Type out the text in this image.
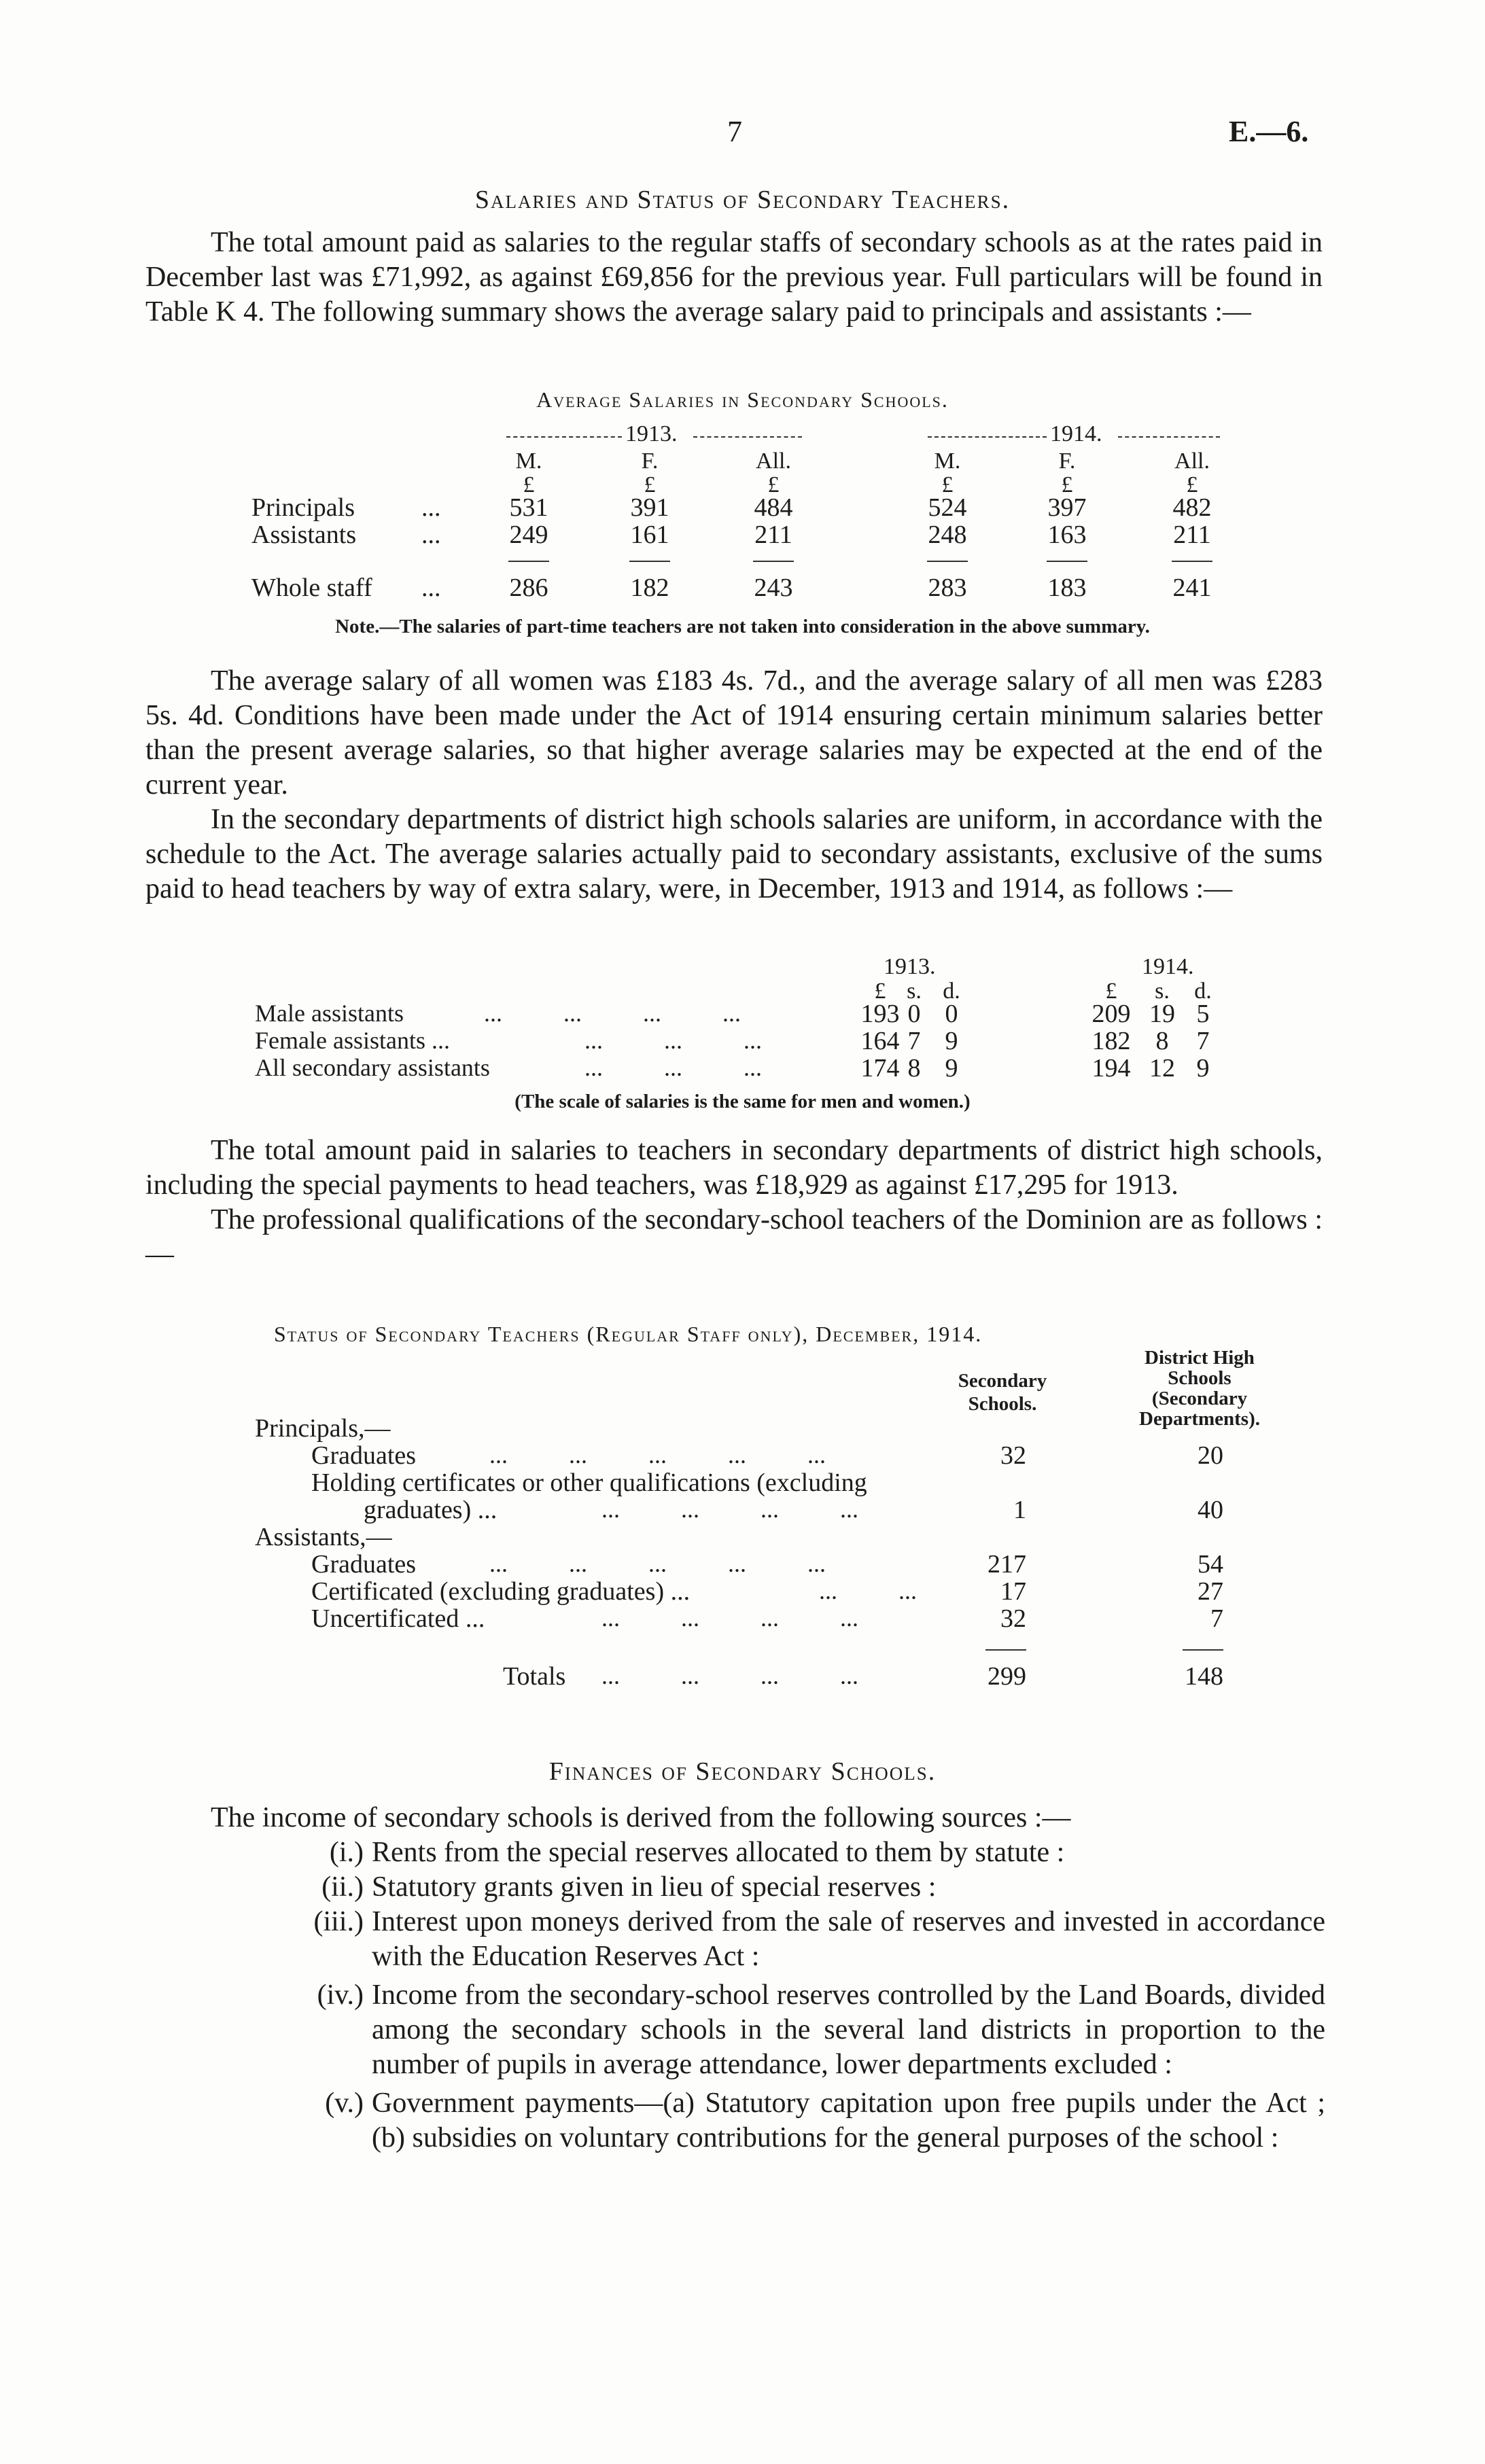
7	E.—6.
Salaries and Status of Secondary Teachers.

The total amount paid as salaries to the regular staffs of secondary schools as at the rates paid in December last was £71,992, as against £69,856 for the previous year. Full particulars will be found in Table K 4. The following summary shows the average salary paid to principals and assistants :—

Average Salaries in Secondary Schools.
1913.	1914.
M.	F.	All.	M.	F.	All.
£	£	£	£	£	£
Principals	...	531	391	484	524	397	482
Assistants	...	249	161	211	248	163	211
Whole staff ...	286	182	243	283	183	241
Note.—The salaries of part-time teachers are not taken into consideration in the above summary.

The average salary of all women was £183 4s. 7d., and the average salary of all men was £283 5s. 4d. Conditions have been made under the Act of 1914 ensuring certain minimum salaries better than the present average salaries, so that higher average salaries may be expected at the end of the current year.

In the secondary departments of district high schools salaries are uniform, in accordance with the schedule to the Act. The average salaries actually paid to secondary assistants, exclusive of the sums paid to head teachers by way of extra salary, were, in December, 1913 and 1914, as follows :—

1913.	1914.
£ s. d.	£	s.	d.
Male assistants	...          ...          ...          ...	193 0 0	209 19 5
Female assistants ...	...          ...          ...	164 7 9	182 8	7
All secondary assistants	...          ...          ...	174 8 9	194 12 9
(The scale of salaries is the same for men and women.)

The total amount paid in salaries to teachers in secondary departments of district high schools, including the special payments to head teachers, was £18,929 as against £17,295 for 1913.

The professional qualifications of the secondary-school teachers of the Dominion are as follows :—

Status of Secondary Teachers (Regular Staff only), December, 1914.
Secondary Schools.
District High Schools (Secondary Departments).
Principals,—
Graduates	...          ...          ...          ...          ...	32	20
Holding certificates or other qualifications (excluding
graduates) ...	...          ...          ...          ...	1	40
Assistants,—
Graduates	...          ...          ...          ...          ...	217	54
Certificated (excluding graduates) ...	...          ...	17	27
Uncertificated ...	...          ...          ...          ...	32	7
Totals ...          ...          ...          ...	299	148
Finances of Secondary Schools.
The income of secondary schools is derived from the following sources :—
(i.) Rents from the special reserves allocated to them by statute :
(ii.) Statutory grants given in lieu of special reserves :
(iii.) Interest upon moneys derived from the sale of reserves and invested in accordance with the Education Reserves Act :
(iv.) Income from the secondary-school reserves controlled by the Land Boards, divided among the secondary schools in the several land districts in proportion to the number of pupils in average attendance, lower departments excluded :
(v.) Government payments—(a) Statutory capitation upon free pupils under the Act ; (b) subsidies on voluntary contributions for the general purposes of the school :
